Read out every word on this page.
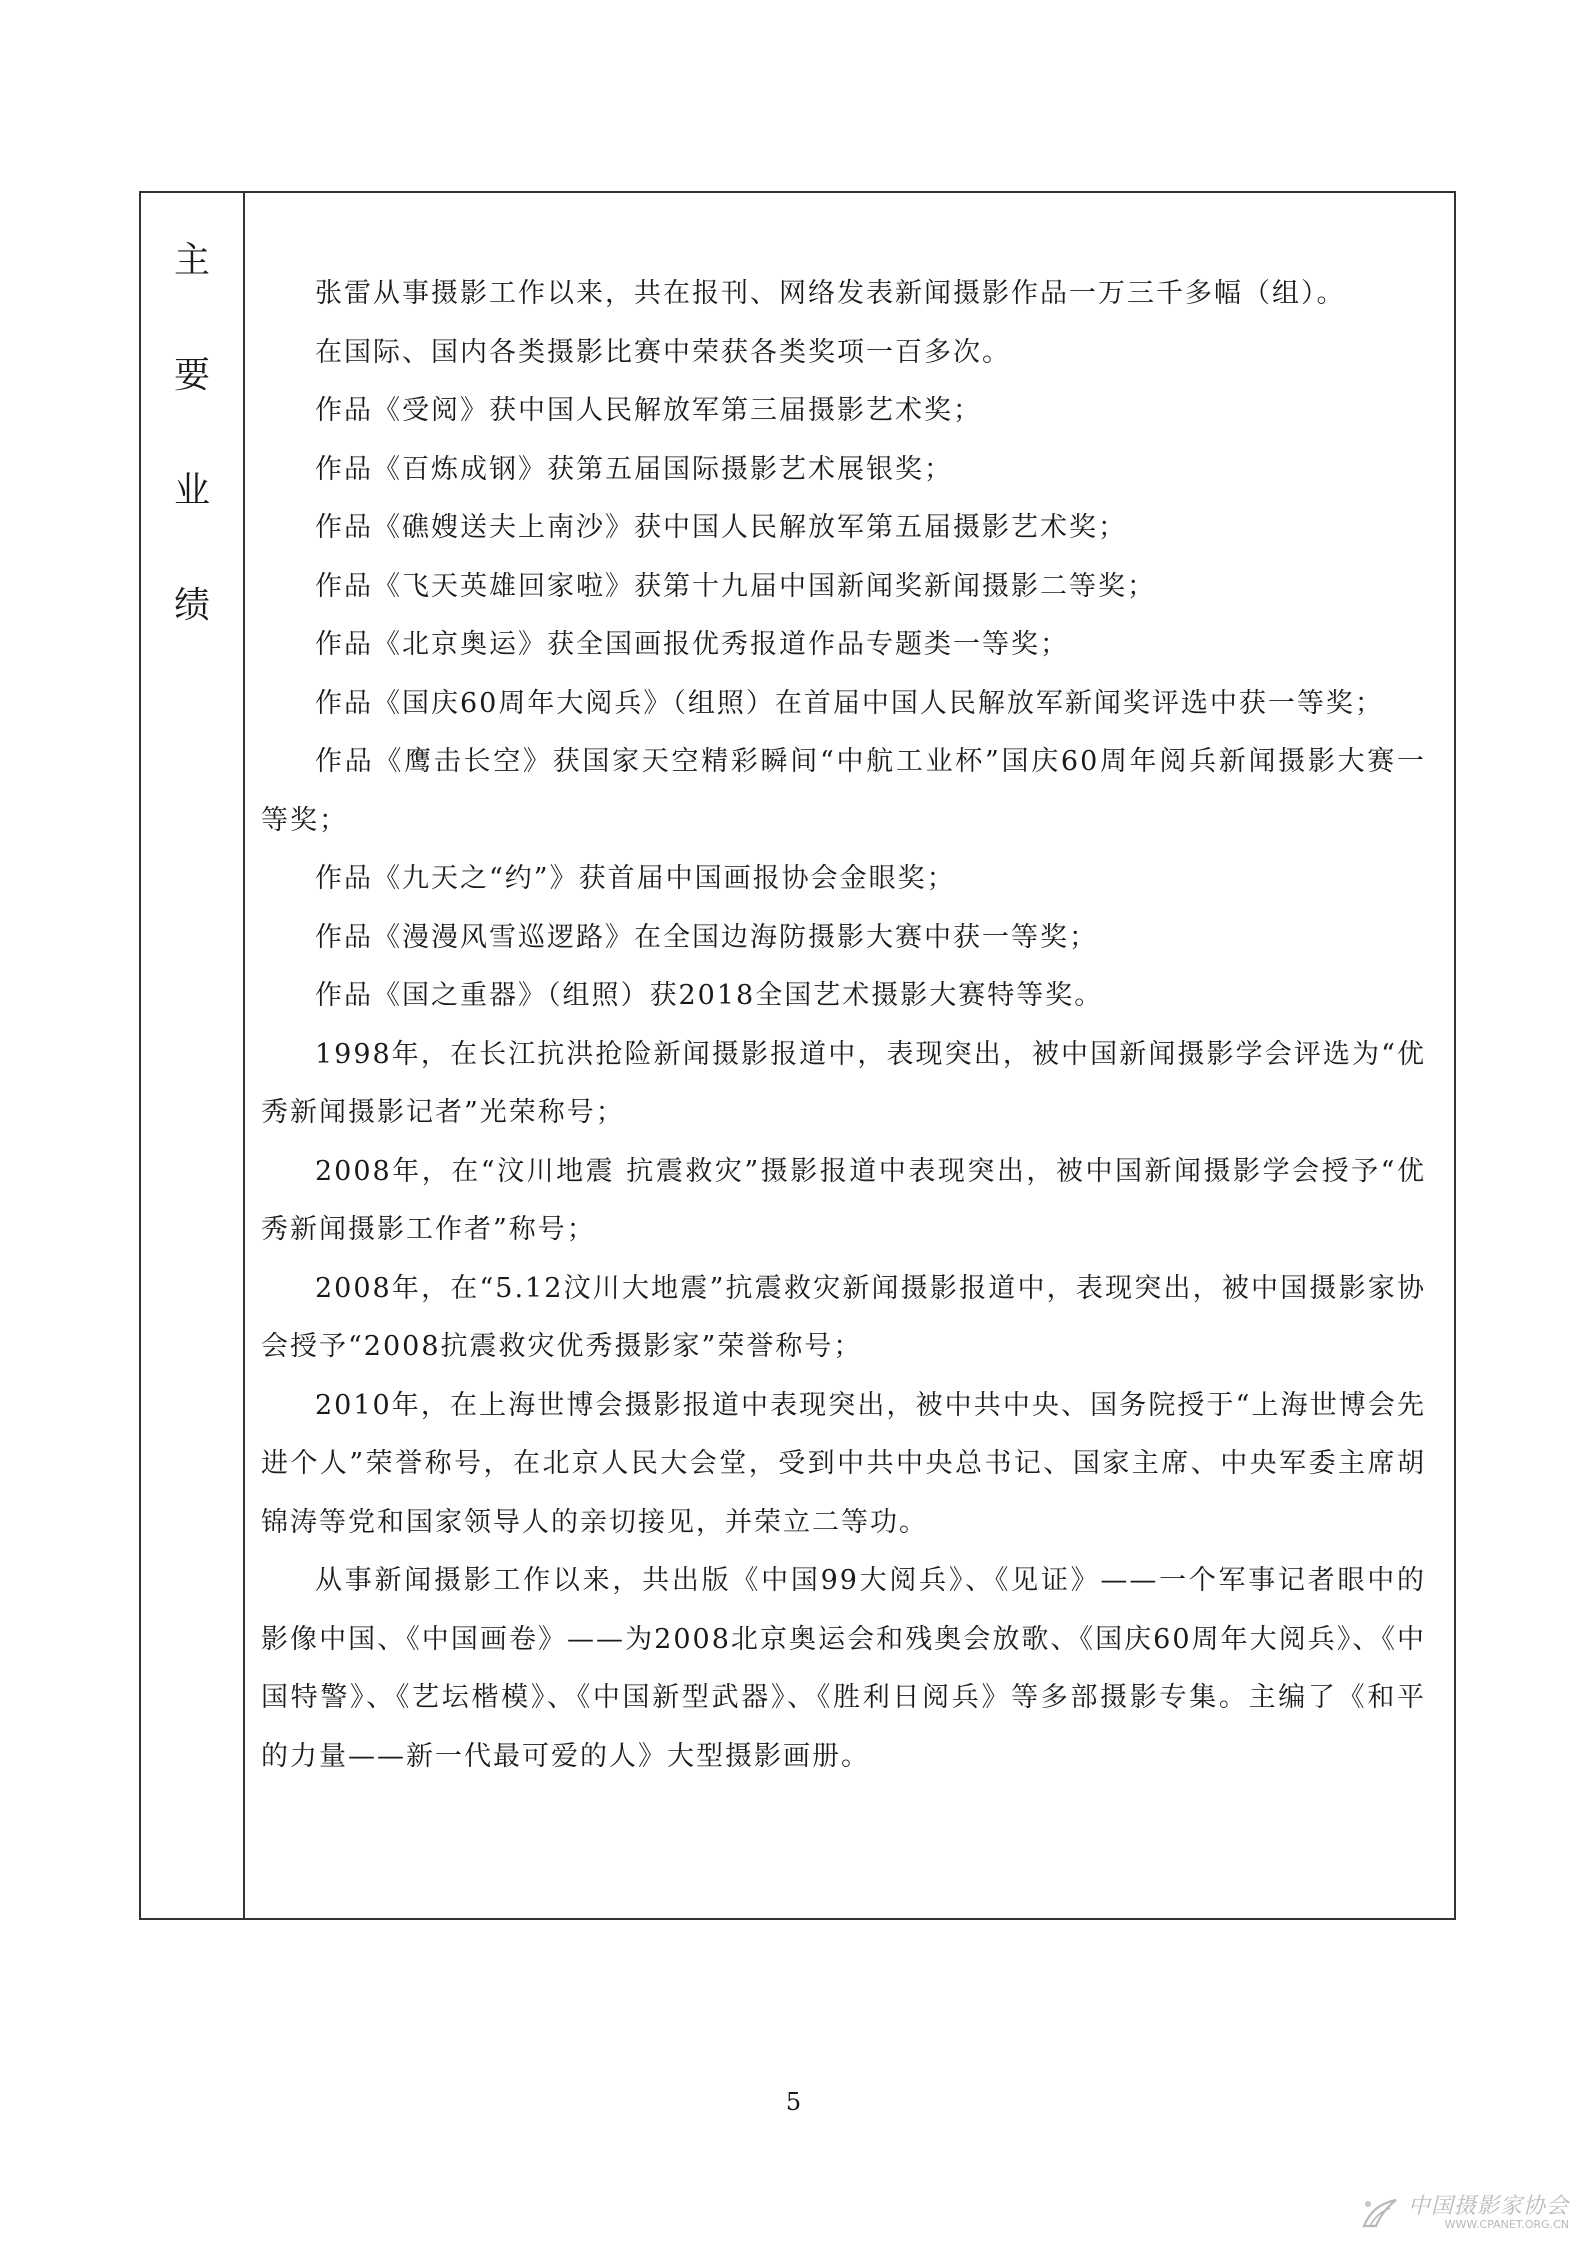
主
要
业
绩

张雷从事摄影工作以来，共在报刊、网络发表新闻摄影作品一万三千多幅（组）。

在国际、国内各类摄影比赛中荣获各类奖项一百多次。

作品《受阅》获中国人民解放军第三届摄影艺术奖；

作品《百炼成钢》获第五届国际摄影艺术展银奖；

作品《礁嫂送夫上南沙》获中国人民解放军第五届摄影艺术奖；

作品《飞天英雄回家啦》获第十九届中国新闻奖新闻摄影二等奖；

作品《北京奥运》获全国画报优秀报道作品专题类一等奖；

作品《国庆60周年大阅兵》（组照）在首届中国人民解放军新闻奖评选中获一等奖；

作品《鹰击长空》获国家天空精彩瞬间“中航工业杯”国庆60周年阅兵新闻摄影大赛一等奖；

作品《九天之“约”》获首届中国画报协会金眼奖；

作品《漫漫风雪巡逻路》在全国边海防摄影大赛中获一等奖；

作品《国之重器》（组照）获2018全国艺术摄影大赛特等奖。

1998年，在长江抗洪抢险新闻摄影报道中，表现突出，被中国新闻摄影学会评选为“优秀新闻摄影记者”光荣称号；

2008年，在“汶川地震 抗震救灾”摄影报道中表现突出，被中国新闻摄影学会授予“优秀新闻摄影工作者”称号；

2008年，在“5.12汶川大地震”抗震救灾新闻摄影报道中，表现突出，被中国摄影家协会授予“2008抗震救灾优秀摄影家”荣誉称号；

2010年，在上海世博会摄影报道中表现突出，被中共中央、国务院授于“上海世博会先进个人”荣誉称号，在北京人民大会堂，受到中共中央总书记、国家主席、中央军委主席胡锦涛等党和国家领导人的亲切接见，并荣立二等功。

从事新闻摄影工作以来，共出版《中国99大阅兵》、《见证》——一个军事记者眼中的影像中国、《中国画卷》——为2008北京奥运会和残奥会放歌、《国庆60周年大阅兵》、《中国特警》、《艺坛楷模》、《中国新型武器》、《胜利日阅兵》等多部摄影专集。主编了《和平的力量——新一代最可爱的人》大型摄影画册。

5
中国摄影家协会
WWW.CPANET.ORG.CN
